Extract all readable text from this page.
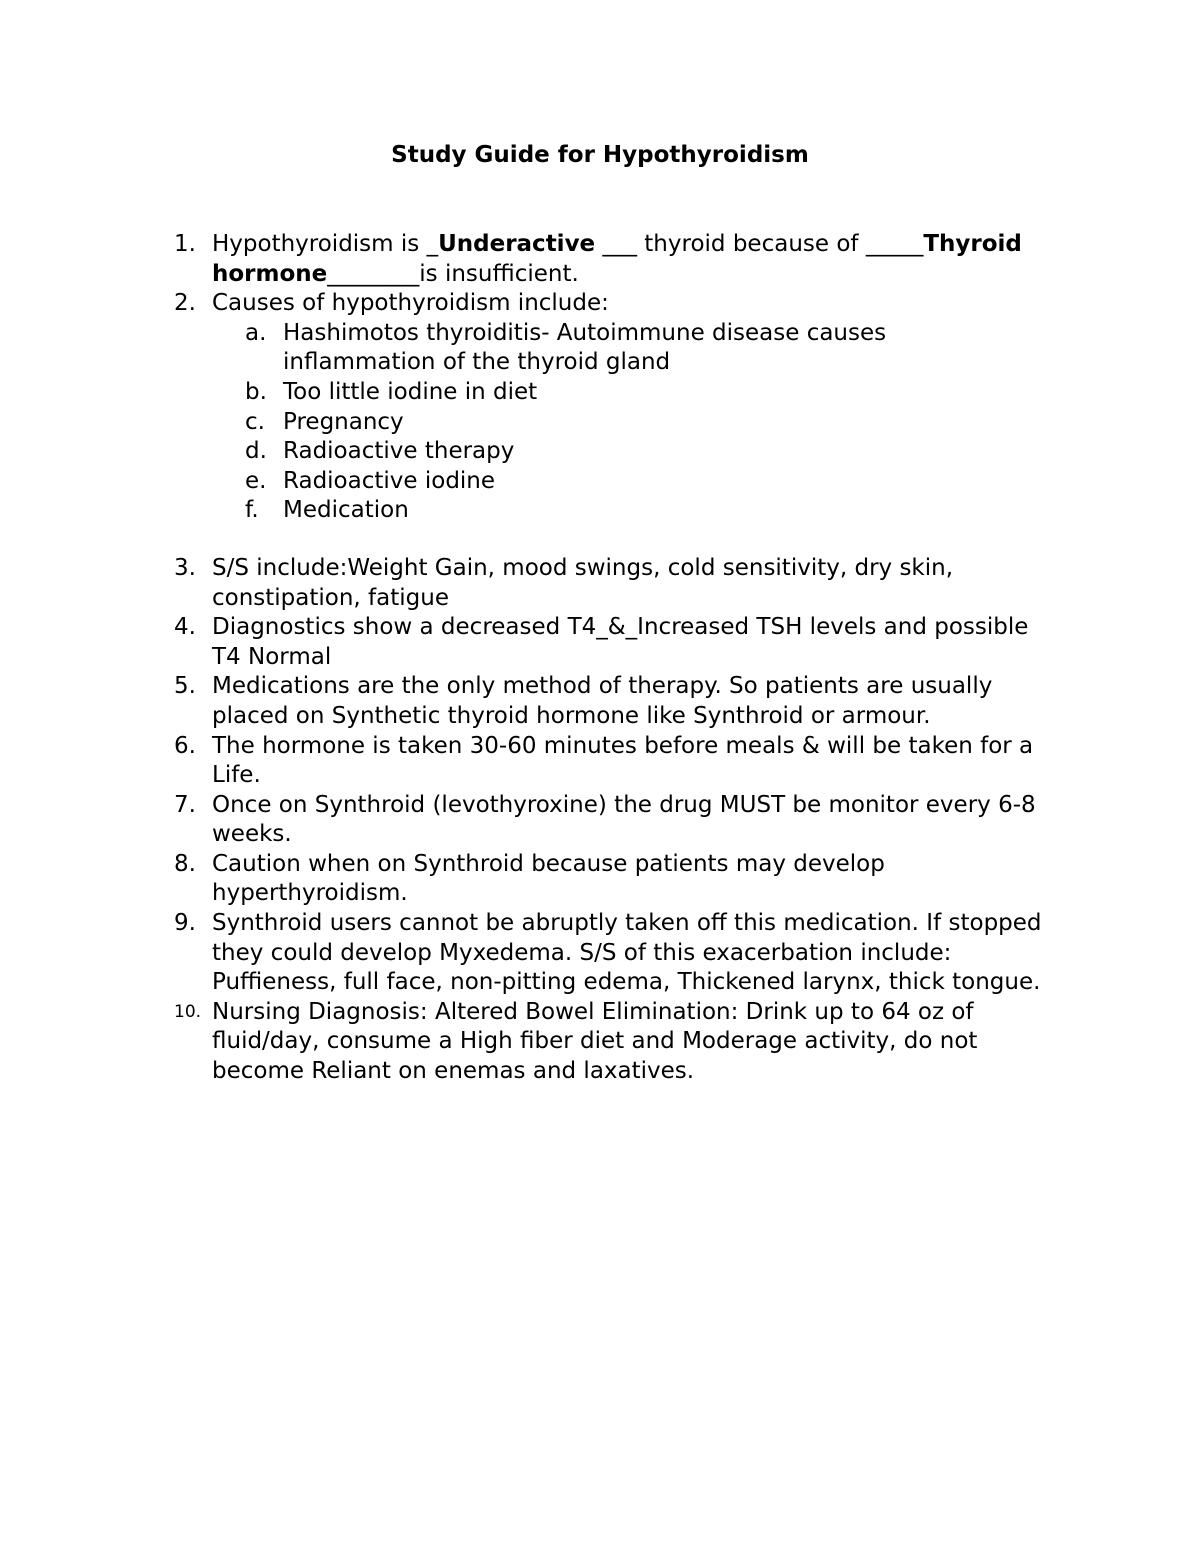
Study Guide for Hypothyroidism
1. Hypothyroidism is _Underactive ___ thyroid because of _____Thyroid hormone________is insufficient.
2. Causes of hypothyroidism include:
a. Hashimotos thyroiditis- Autoimmune disease causes inflammation of the thyroid gland
b. Too little iodine in diet
c. Pregnancy
d. Radioactive therapy
e. Radioactive iodine
f. Medication
3. S/S include:Weight Gain, mood swings, cold sensitivity, dry skin, constipation, fatigue
4. Diagnostics show a decreased T4_&_Increased TSH levels and possible T4 Normal
5. Medications are the only method of therapy. So patients are usually placed on Synthetic thyroid hormone like Synthroid or armour.
6. The hormone is taken 30-60 minutes before meals & will be taken for a Life.
7. Once on Synthroid (levothyroxine) the drug MUST be monitor every 6-8 weeks.
8. Caution when on Synthroid because patients may develop hyperthyroidism.
9. Synthroid users cannot be abruptly taken off this medication. If stopped they could develop Myxedema. S/S of this exacerbation include: Puffieness, full face, non-pitting edema, Thickened larynx, thick tongue.
10. Nursing Diagnosis: Altered Bowel Elimination: Drink up to 64 oz of fluid/day, consume a High fiber diet and Moderage activity, do not become Reliant on enemas and laxatives.
